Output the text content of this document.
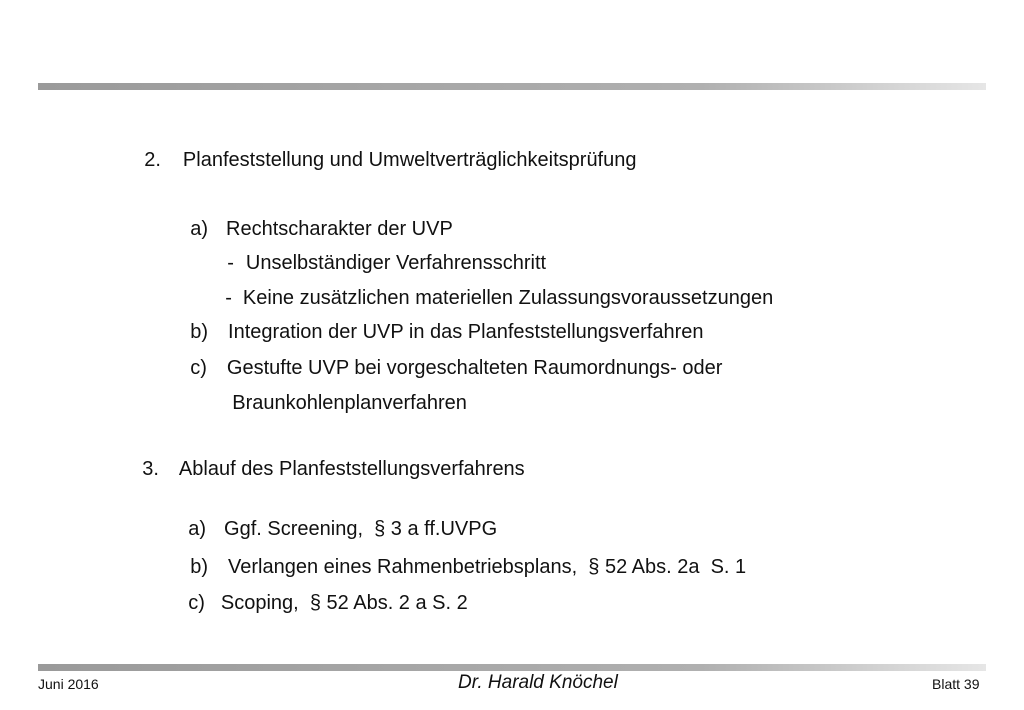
2. Planfeststellung und Umweltverträglichkeitsprüfung

a) Rechtscharakter der UVP

- Unselbständiger Verfahrensschritt

- Keine zusätzlichen materiellen Zulassungsvoraussetzungen

b) Integration der UVP in das Planfeststellungsverfahren

c) Gestufte UVP bei vorgeschalteten Raumordnungs- oder

Braunkohlenplanverfahren

3. Ablauf des Planfeststellungsverfahrens

a) Ggf. Screening,  § 3 a ff.UVPG

b) Verlangen eines Rahmenbetriebsplans,  § 52 Abs. 2a  S. 1

c) Scoping,  § 52 Abs. 2 a S. 2

Juni 2016	Dr. Harald Knöchel	Blatt 39
